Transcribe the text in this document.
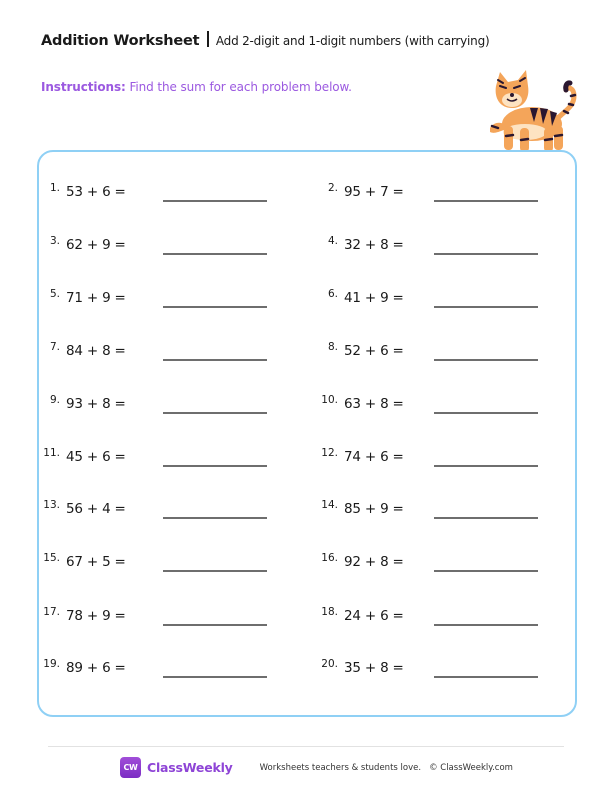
Addition Worksheet Add 2-digit and 1-digit numbers (with carrying)
Instructions: Find the sum for each problem below.
1. 53 + 6 =	2. 95 + 7 =
3. 62 + 9 =	4. 32 + 8 =
5. 71 + 9 =	6. 41 + 9 =
7. 84 + 8 =	8. 52 + 6 =
9. 93 + 8 =	10. 63 + 8 =
11. 45 + 6 =	12. 74 + 6 =
13. 56 + 4 =	14. 85 + 9 =
15. 67 + 5 =	16. 92 + 8 =
17. 78 + 9 =	18. 24 + 6 =
19. 89 + 6 =	20. 35 + 8 =
CW ClassWeekly	Worksheets teachers & students love. © ClassWeekly.com
